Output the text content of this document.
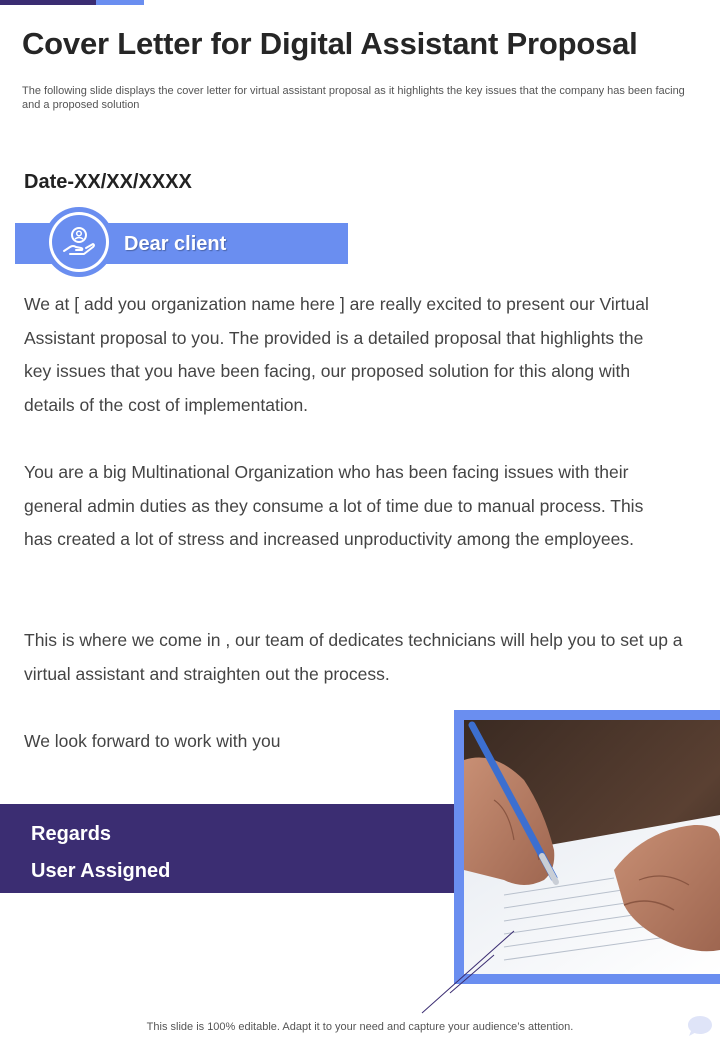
Cover Letter for Digital Assistant Proposal

The following slide displays the cover letter for virtual assistant proposal as it highlights the key issues that the company has been facing and a proposed solution

Date-XX/XX/XXXX
Dear client

We at [ add you organization name here ] are really excited to present our Virtual Assistant proposal to you. The provided is a detailed proposal that highlights the key issues that you have been facing, our proposed solution for this along with details of the cost of implementation.

You are a big Multinational Organization who has been facing issues with their general admin duties as they consume a lot of time due to manual process. This has created a lot of stress and increased unproductivity among the employees.

This is where we come in , our team of dedicates technicians will help you to set up a virtual assistant and straighten out the process.

We look forward to work with you

Regards
User Assigned
This slide is 100% editable. Adapt it to your need and capture your audience’s attention.
